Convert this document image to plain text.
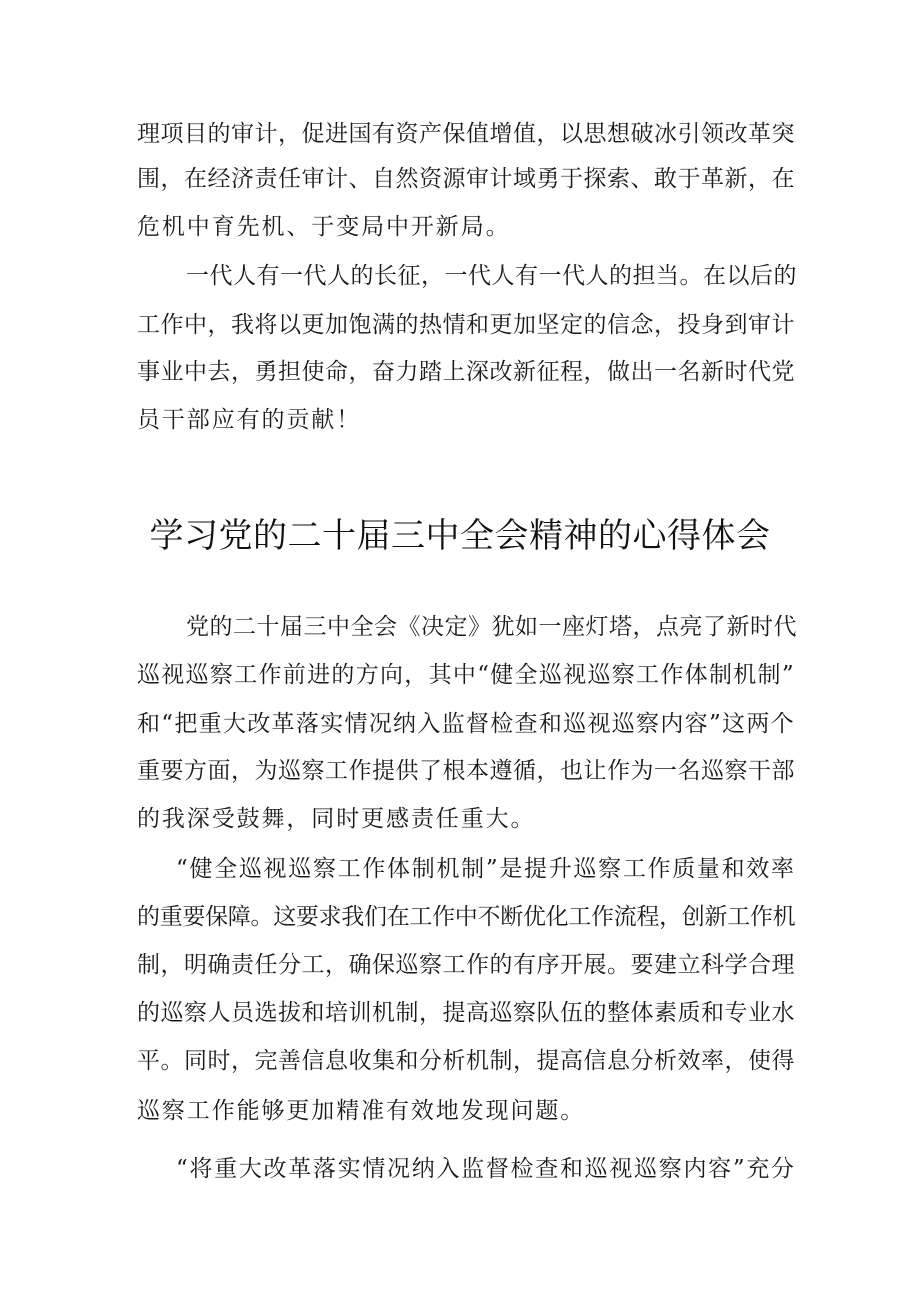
理项目的审计，促进国有资产保值增值，以思想破冰引领改革突
围，在经济责任审计、自然资源审计域勇于探索、敢于革新，在
危机中育先机、于变局中开新局。
一代人有一代人的长征，一代人有一代人的担当。在以后的
工作中，我将以更加饱满的热情和更加坚定的信念，投身到审计
事业中去，勇担使命，奋力踏上深改新征程，做出一名新时代党
员干部应有的贡献！
学习党的二十届三中全会精神的心得体会
党的二十届三中全会《决定》犹如一座灯塔，点亮了新时代
巡视巡察工作前进的方向，其中“健全巡视巡察工作体制机制”
和“把重大改革落实情况纳入监督检查和巡视巡察内容”这两个
重要方面，为巡察工作提供了根本遵循，也让作为一名巡察干部
的我深受鼓舞，同时更感责任重大。
“健全巡视巡察工作体制机制”是提升巡察工作质量和效率
的重要保障。这要求我们在工作中不断优化工作流程，创新工作机
制，明确责任分工，确保巡察工作的有序开展。要建立科学合理
的巡察人员选拔和培训机制，提高巡察队伍的整体素质和专业水
平。同时，完善信息收集和分析机制，提高信息分析效率，使得
巡察工作能够更加精准有效地发现问题。
“将重大改革落实情况纳入监督检查和巡视巡察内容”充分
